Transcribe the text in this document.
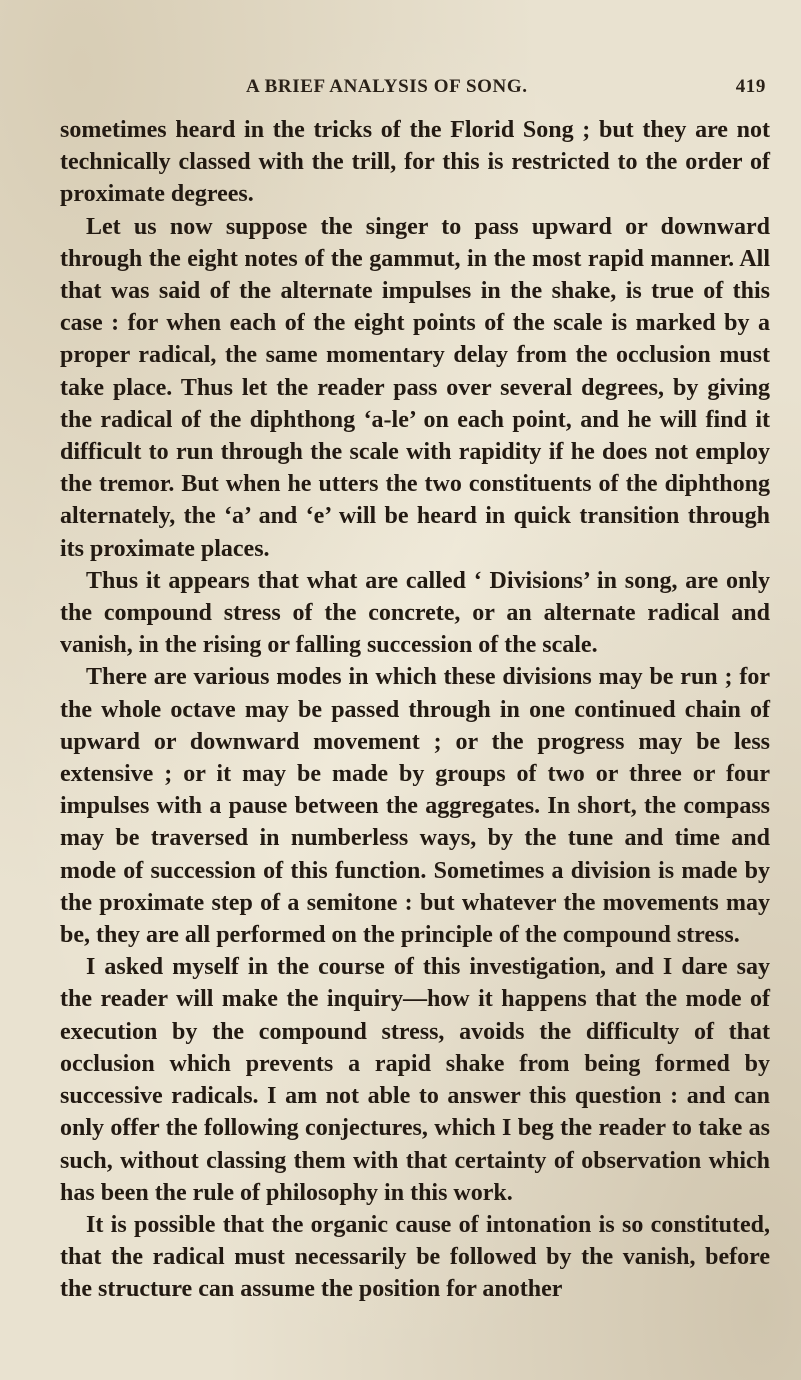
A BRIEF ANALYSIS OF SONG.	419

sometimes heard in the tricks of the Florid Song ; but they are not technically classed with the trill, for this is restricted to the order of proximate degrees.

Let us now suppose the singer to pass upward or downward through the eight notes of the gammut, in the most rapid manner. All that was said of the alternate impulses in the shake, is true of this case : for when each of the eight points of the scale is marked by a proper radical, the same momentary delay from the occlusion must take place. Thus let the reader pass over several degrees, by giving the radical of the diphthong ‘a-le’ on each point, and he will find it difficult to run through the scale with rapidity if he does not employ the tremor. But when he utters the two constituents of the diphthong alternately, the ‘a’ and ‘e’ will be heard in quick transition through its proximate places.

Thus it appears that what are called ‘ Divisions’ in song, are only the compound stress of the concrete, or an alternate radical and vanish, in the rising or falling succession of the scale.

There are various modes in which these divisions may be run ; for the whole octave may be passed through in one continued chain of upward or downward movement ; or the progress may be less extensive ; or it may be made by groups of two or three or four impulses with a pause between the aggregates. In short, the compass may be traversed in numberless ways, by the tune and time and mode of succession of this function. Sometimes a division is made by the proximate step of a semitone : but whatever the movements may be, they are all performed on the principle of the compound stress.

I asked myself in the course of this investigation, and I dare say the reader will make the inquiry—how it happens that the mode of execution by the compound stress, avoids the difficulty of that occlusion which prevents a rapid shake from being formed by successive radicals. I am not able to answer this question : and can only offer the following conjectures, which I beg the reader to take as such, without classing them with that certainty of observation which has been the rule of philosophy in this work.

It is possible that the organic cause of intonation is so constituted, that the radical must necessarily be followed by the vanish, before the structure can assume the position for another
